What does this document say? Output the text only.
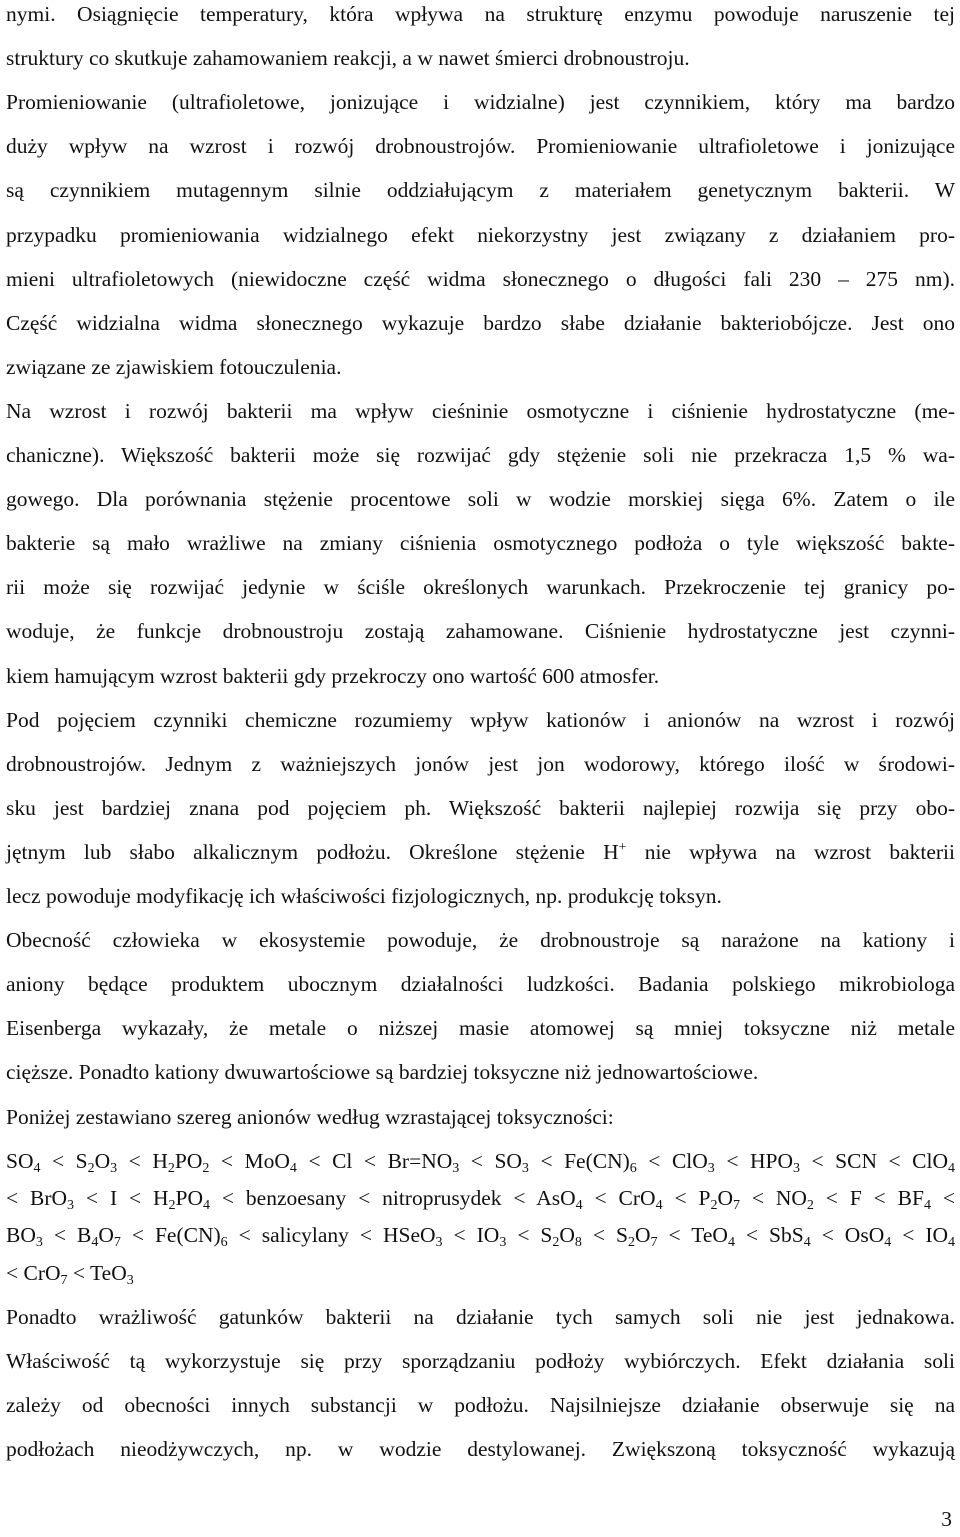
nymi. Osiągnięcie temperatury, która wpływa na strukturę enzymu powoduje naruszenie tej
struktury co skutkuje zahamowaniem reakcji, a w nawet śmierci drobnoustroju.
Promieniowanie (ultrafioletowe, jonizujące i widzialne) jest czynnikiem, który ma bardzo
duży wpływ na wzrost i rozwój drobnoustrojów. Promieniowanie ultrafioletowe i jonizujące
są czynnikiem mutagennym silnie oddziałującym z materiałem genetycznym bakterii. W
przypadku promieniowania widzialnego efekt niekorzystny jest związany z działaniem pro-
mieni ultrafioletowych (niewidoczne część widma słonecznego o długości fali 230 – 275 nm).
Część widzialna widma słonecznego wykazuje bardzo słabe działanie bakteriobójcze. Jest ono
związane ze zjawiskiem fotouczulenia.
Na wzrost i rozwój bakterii ma wpływ cieśninie osmotyczne i ciśnienie hydrostatyczne (me-
chaniczne). Większość bakterii może się rozwijać gdy stężenie soli nie przekracza 1,5 % wa-
gowego. Dla porównania stężenie procentowe soli w wodzie morskiej sięga 6%. Zatem o ile
bakterie są mało wrażliwe na zmiany ciśnienia osmotycznego podłoża o tyle większość bakte-
rii może się rozwijać jedynie w ściśle określonych warunkach. Przekroczenie tej granicy po-
woduje, że funkcje drobnoustroju zostają zahamowane. Ciśnienie hydrostatyczne jest czynni-
kiem hamującym wzrost bakterii gdy przekroczy ono wartość 600 atmosfer.
Pod pojęciem czynniki chemiczne rozumiemy wpływ kationów i anionów na wzrost i rozwój
drobnoustrojów. Jednym z ważniejszych jonów jest jon wodorowy, którego ilość w środowi-
sku jest bardziej znana pod pojęciem ph. Większość bakterii najlepiej rozwija się przy obo-
jętnym lub słabo alkalicznym podłożu. Określone stężenie H+ nie wpływa na wzrost bakterii
lecz powoduje modyfikację ich właściwości fizjologicznych, np. produkcję toksyn.
Obecność człowieka w ekosystemie powoduje, że drobnoustroje są narażone na kationy i
aniony będące produktem ubocznym działalności ludzkości. Badania polskiego mikrobiologa
Eisenberga wykazały, że metale o niższej masie atomowej są mniej toksyczne niż metale
cięższe. Ponadto kationy dwuwartościowe są bardziej toksyczne niż jednowartościowe.
Poniżej zestawiano szereg anionów według wzrastającej toksyczności:
$SO_4 < S_2O_3 < H_2PO_2 < MoO_4 < Cl < Br=NO_3 < SO_3 < Fe(CN)_6 < ClO_3 < HPO_3$ < SCN < ClO$_4$
< $BrO_3 < I < H_2PO_4$ < benzoesany < nitroprusydek < $AsO_4 < CrO_4 < P_2O_7 < NO_2 < F < BF_4$ <
$BO_3 < B_4O_7 < Fe(CN)_6$ < salicylany < HSeO$_3$ < $IO_3 < S_2O_8 < S_2O_7 < TeO_4 < SbS_4 < OsO_4 < IO_4$
< CrO$_7$ < TeO$_3$
Ponadto wrażliwość gatunków bakterii na działanie tych samych soli nie jest jednakowa.
Właściwość tą wykorzystuje się przy sporządzaniu podłoży wybiórczych. Efekt działania soli
zależy od obecności innych substancji w podłożu. Najsilniejsze działanie obserwuje się na
podłożach nieodżywczych, np. w wodzie destylowanej. Zwiększoną toksyczność wykazują
3
